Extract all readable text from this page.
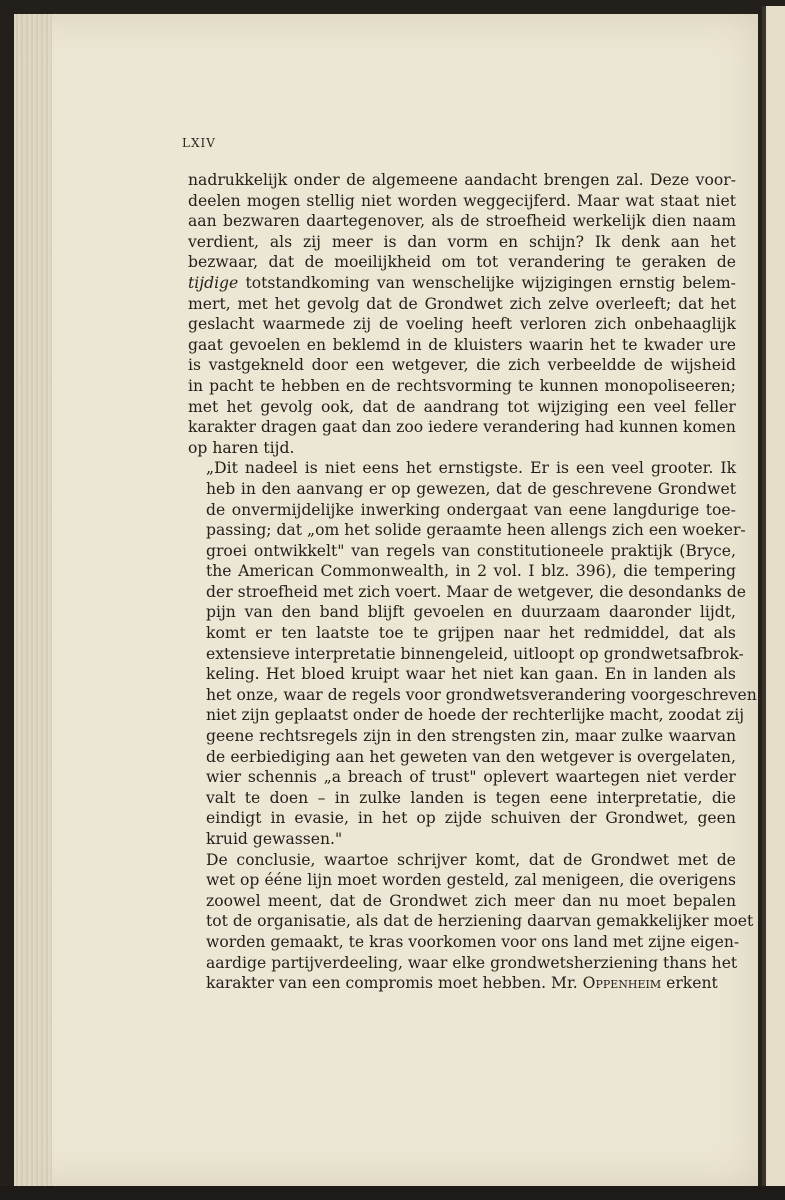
LXIV

nadrukkelijk onder de algemeene aandacht brengen zal. Deze voor-
deelen mogen stellig niet worden weggecijferd. Maar wat staat niet
aan bezwaren daartegenover, als de stroefheid werkelijk dien naam
verdient, als zij meer is dan vorm en schijn? Ik denk aan het
bezwaar, dat de moeilijkheid om tot verandering te geraken de
tijdige totstandkoming van wenschelijke wijzigingen ernstig belem-
mert, met het gevolg dat de Grondwet zich zelve overleeft; dat het
geslacht waarmede zij de voeling heeft verloren zich onbehaaglijk
gaat gevoelen en beklemd in de kluisters waarin het te kwader ure
is vastgekneld door een wetgever, die zich verbeeldde de wijsheid
in pacht te hebben en de rechtsvorming te kunnen monopoliseeren;
met het gevolg ook, dat de aandrang tot wijziging een veel feller
karakter dragen gaat dan zoo iedere verandering had kunnen komen
op haren tijd.

„Dit nadeel is niet eens het ernstigste. Er is een veel grooter. Ik
heb in den aanvang er op gewezen, dat de geschrevene Grondwet
de onvermijdelijke inwerking ondergaat van eene langdurige toe-
passing; dat „om het solide geraamte heen allengs zich een woeker-
groei ontwikkelt" van regels van constitutioneele praktijk (Bryce,
the American Commonwealth, in 2 vol. I blz. 396), die tempering
der stroefheid met zich voert. Maar de wetgever, die desondanks de
pijn van den band blijft gevoelen en duurzaam daaronder lijdt,
komt er ten laatste toe te grijpen naar het redmiddel, dat als
extensieve interpretatie binnengeleid, uitloopt op grondwetsafbrok-
keling. Het bloed kruipt waar het niet kan gaan. En in landen als
het onze, waar de regels voor grondwetsverandering voorgeschreven
niet zijn geplaatst onder de hoede der rechterlijke macht, zoodat zij
geene rechtsregels zijn in den strengsten zin, maar zulke waarvan
de eerbiediging aan het geweten van den wetgever is overgelaten,
wier schennis „a breach of trust" oplevert waartegen niet verder
valt te doen – in zulke landen is tegen eene interpretatie, die
eindigt in evasie, in het op zijde schuiven der Grondwet, geen
kruid gewassen."

De conclusie, waartoe schrijver komt, dat de Grondwet met de
wet op ééne lijn moet worden gesteld, zal menigeen, die overigens
zoowel meent, dat de Grondwet zich meer dan nu moet bepalen
tot de organisatie, als dat de herziening daarvan gemakkelijker moet
worden gemaakt, te kras voorkomen voor ons land met zijne eigen-
aardige partijverdeeling, waar elke grondwetsherziening thans het
karakter van een compromis moet hebben. Mr. Oppenheim erkent
